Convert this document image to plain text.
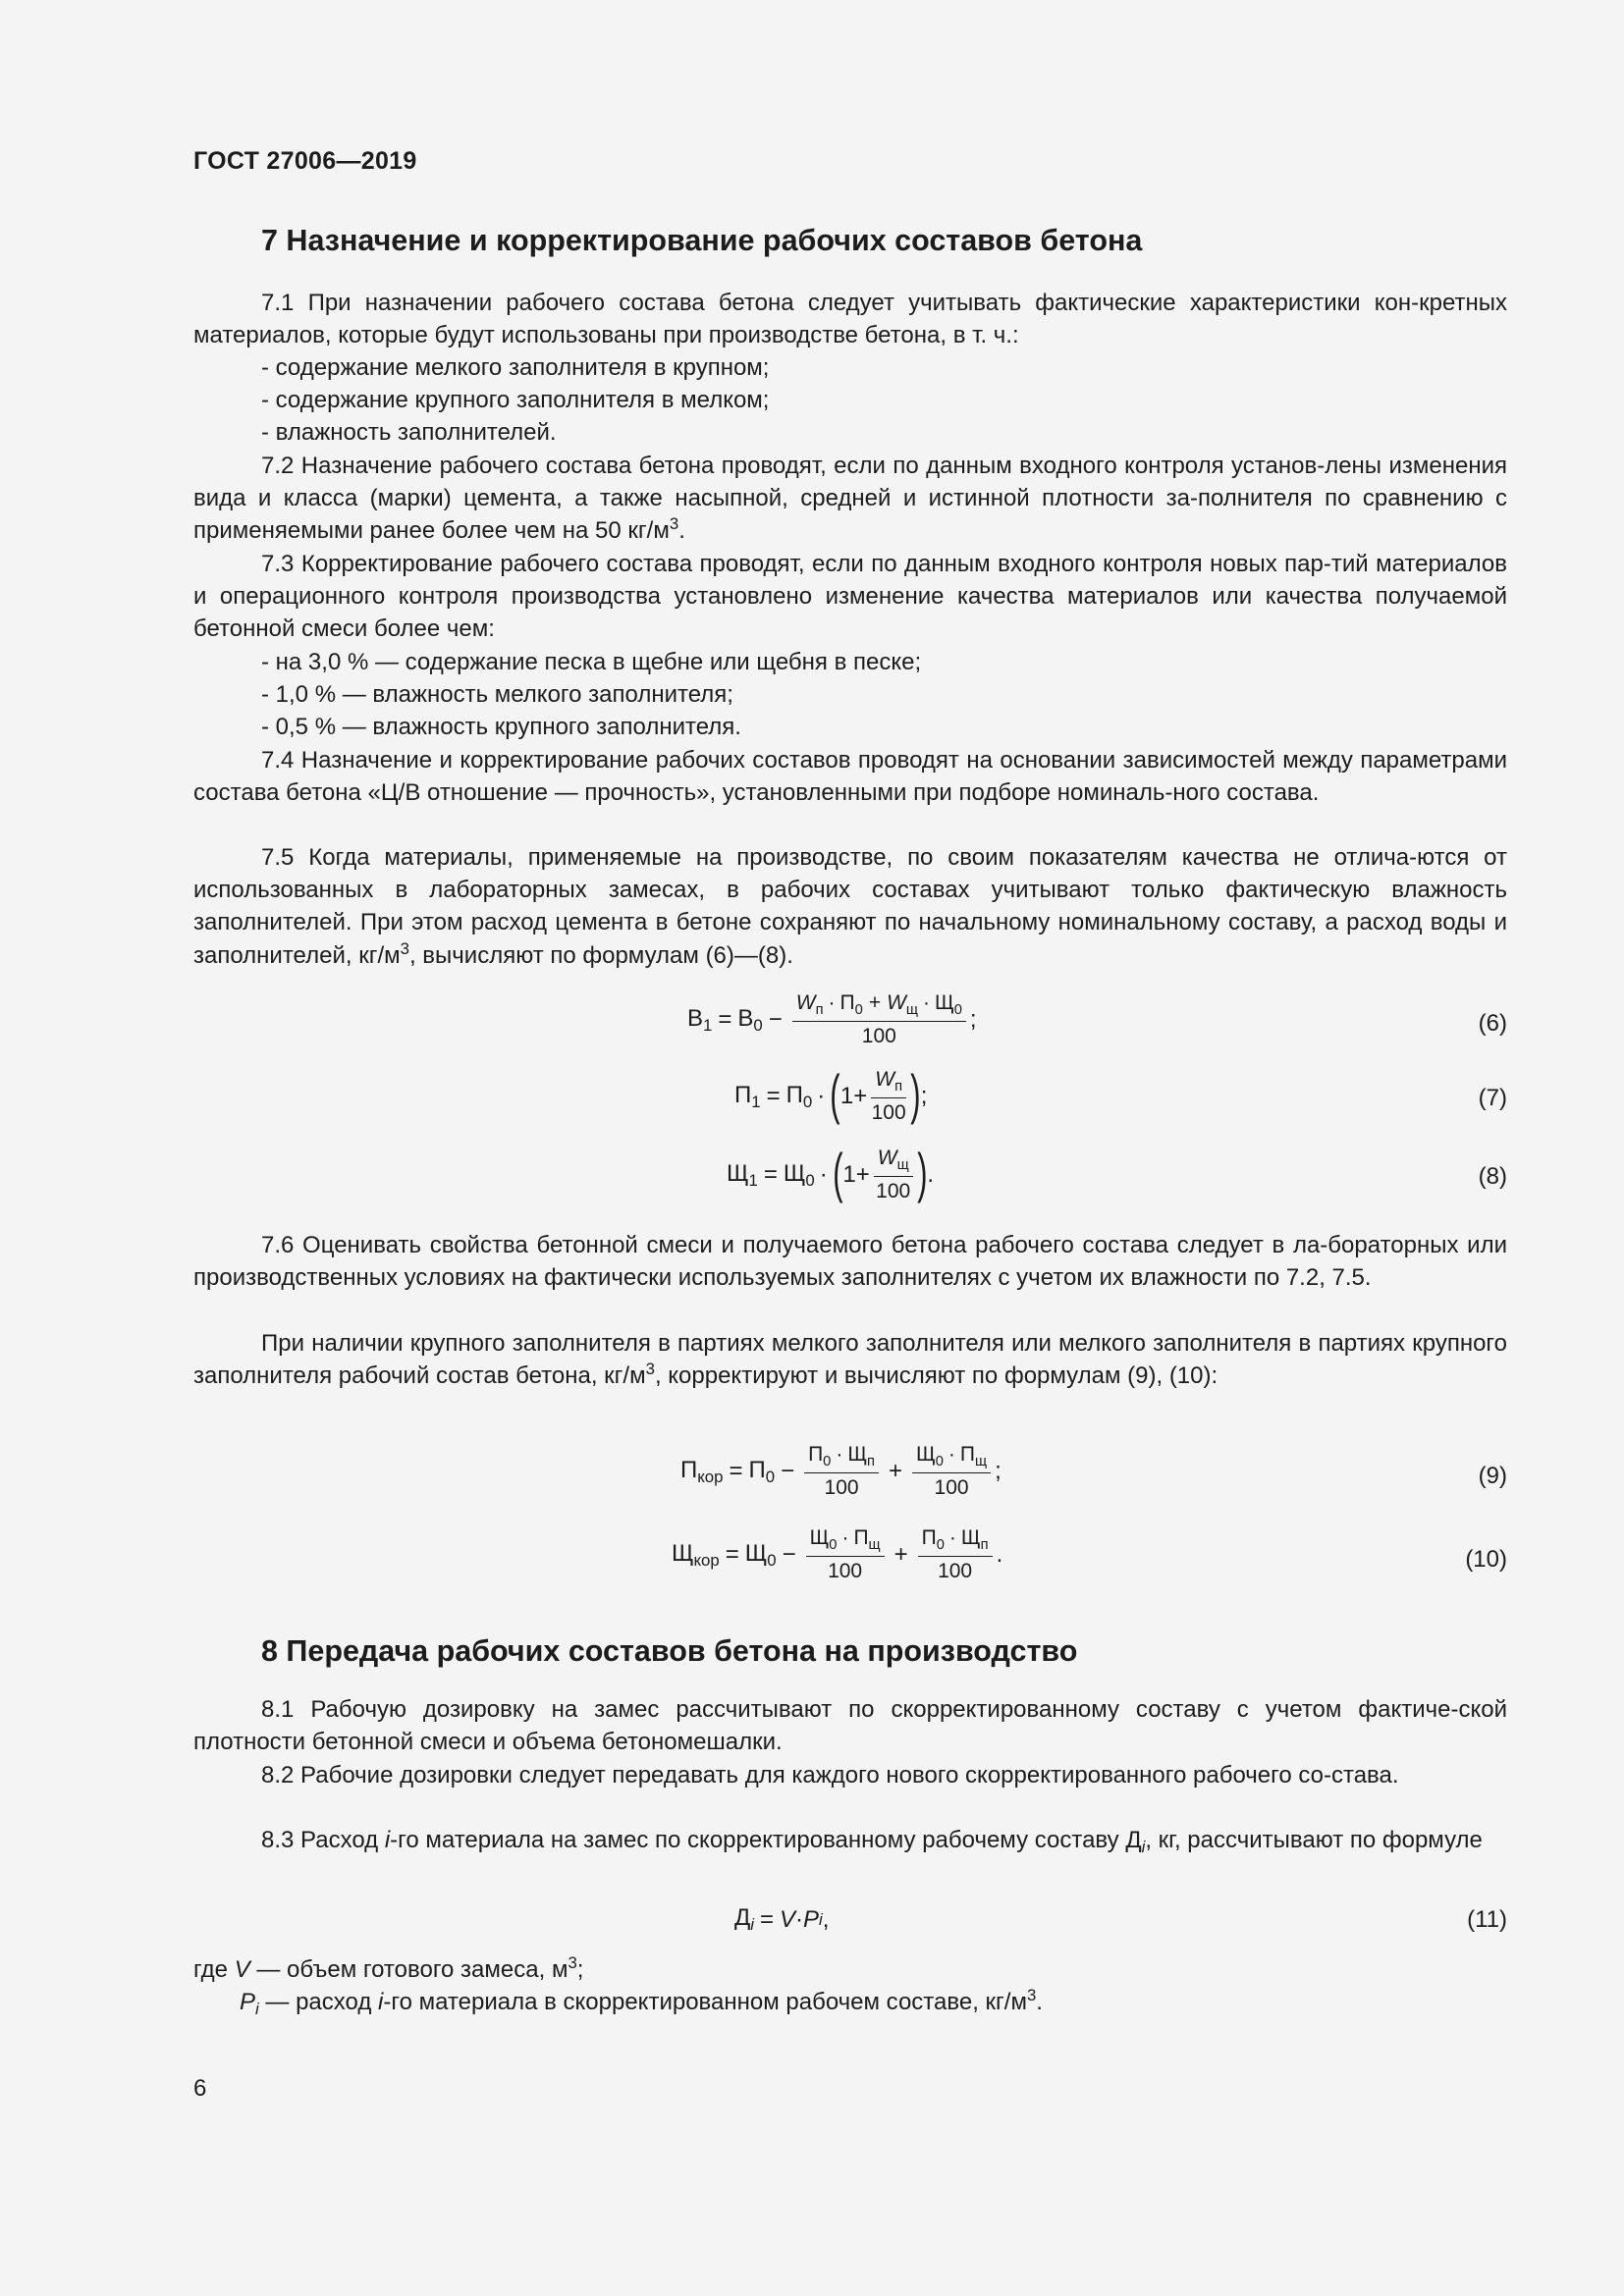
ГОСТ 27006—2019
7 Назначение и корректирование рабочих составов бетона

7.1 При назначении рабочего состава бетона следует учитывать фактические характеристики кон-кретных материалов, которые будут использованы при производстве бетона, в т. ч.:

- содержание мелкого заполнителя в крупном;
- содержание крупного заполнителя в мелком;
- влажность заполнителей.

7.2 Назначение рабочего состава бетона проводят, если по данным входного контроля установ-лены изменения вида и класса (марки) цемента, а также насыпной, средней и истинной плотности за-полнителя по сравнению с применяемыми ранее более чем на 50 $кг/м^3$.

7.3 Корректирование рабочего состава проводят, если по данным входного контроля новых пар-тий материалов и операционного контроля производства установлено изменение качества материалов или качества получаемой бетонной смеси более чем:

- на 3,0 % — содержание песка в щебне или щебня в песке;
- 1,0 % — влажность мелкого заполнителя;
- 0,5 % — влажность крупного заполнителя.

7.4 Назначение и корректирование рабочих составов проводят на основании зависимостей между параметрами состава бетона «Ц/В отношение — прочность», установленными при подборе номиналь-ного состава.

7.5 Когда материалы, применяемые на производстве, по своим показателям качества не отлича-ются от использованных в лабораторных замесах, в рабочих составах учитывают только фактическую влажность заполнителей. При этом расход цемента в бетоне сохраняют по начальному номинальному составу, а расход воды и заполнителей, $кг/м^3$, вычисляют по формулам (6)—(8).

$В_1 = В_0 - \frac{W_п \cdot П_0 + W_щ \cdot Щ_0}{100}$ ;	(6)
$П_1 = П_0$ · ( $1+ \frac{W_п}{100}$ ) ;	(7)
$Щ_1 = Щ_0$ · ( $1+ \frac{W_щ}{100}$ ) .	(8)

7.6 Оценивать свойства бетонной смеси и получаемого бетона рабочего состава следует в ла-бораторных или производственных условиях на фактически используемых заполнителях с учетом их влажности по 7.2, 7.5.

При наличии крупного заполнителя в партиях мелкого заполнителя или мелкого заполнителя в партиях крупного заполнителя рабочий состав бетона, $кг/м^3$, корректируют и вычисляют по формулам (9), (10):

$П_{кор} = П_0 - \frac{П_0 \cdot Щ_п}{100} + \frac{Щ_0 \cdot П_щ}{100}$ ;	(9)
$Щ_{кор} = Щ_0 - \frac{Щ_0 \cdot П_щ}{100} + \frac{П_0 \cdot Щ_п}{100}$ .	(10)
8 Передача рабочих составов бетона на производство

8.1 Рабочую дозировку на замес рассчитывают по скорректированному составу с учетом фактиче-ской плотности бетонной смеси и объема бетономешалки.

8.2 Рабочие дозировки следует передавать для каждого нового скорректированного рабочего со-става.

8.3 Расход i-го материала на замес по скорректированному рабочему составу $Д_i$, кг, рассчитывают по формуле

$Д_i = V \cdot P$ i ,	(11)
где V — объем готового замеса, $м^3$;
$P_i$ — расход i-го материала в скорректированном рабочем составе, $кг/м^3$.
6
